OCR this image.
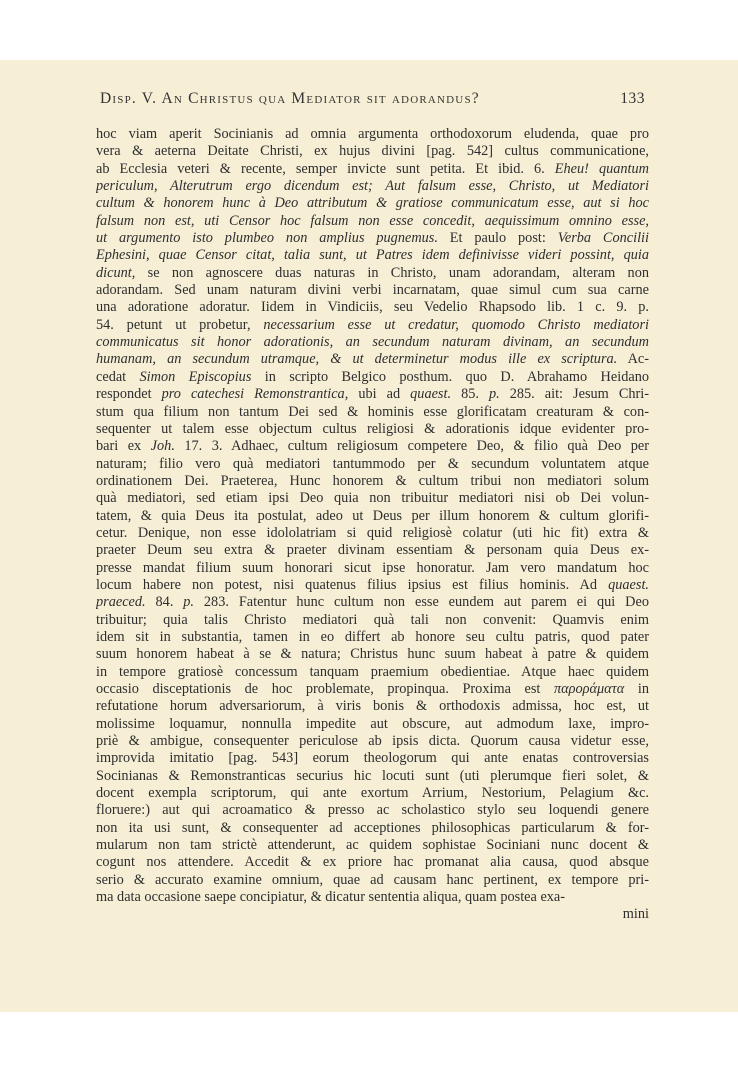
Disp. V. An Christus qua Mediator sit adorandus?	133
hoc viam aperit Socinianis ad omnia argumenta orthodoxorum eludenda, quae pro
vera & aeterna Deitate Christi, ex hujus divini [pag. 542] cultus communicatione,
ab Ecclesia veteri & recente, semper invicte sunt petita. Et ibid. 6. Eheu! quantum
periculum, Alterutrum ergo dicendum est; Aut falsum esse, Christo, ut Mediatori
cultum & honorem hunc à Deo attributum & gratiose communicatum esse, aut si hoc
falsum non est, uti Censor hoc falsum non esse concedit, aequissimum omnino esse,
ut argumento isto plumbeo non amplius pugnemus. Et paulo post: Verba Concilii
Ephesini, quae Censor citat, talia sunt, ut Patres idem definivisse videri possint, quia
dicunt, se non agnoscere duas naturas in Christo, unam adorandam, alteram non
adorandam. Sed unam naturam divini verbi incarnatam, quae simul cum sua carne
una adoratione adoratur. Iidem in Vindiciis, seu Vedelio Rhapsodo lib. 1 c. 9. p.
54. petunt ut probetur, necessarium esse ut credatur, quomodo Christo mediatori
communicatus sit honor adorationis, an secundum naturam divinam, an secundum
humanam, an secundum utramque, & ut determinetur modus ille ex scriptura. Ac-
cedat Simon Episcopius in scripto Belgico posthum. quo D. Abrahamo Heidano
respondet pro catechesi Remonstrantica, ubi ad quaest. 85. p. 285. ait: Jesum Chri-
stum qua filium non tantum Dei sed & hominis esse glorificatam creaturam & con-
sequenter ut talem esse objectum cultus religiosi & adorationis idque evidenter pro-
bari ex Joh. 17. 3. Adhaec, cultum religiosum competere Deo, & filio quà Deo per
naturam; filio vero quà mediatori tantummodo per & secundum voluntatem atque
ordinationem Dei. Praeterea, Hunc honorem & cultum tribui non mediatori solum
quà mediatori, sed etiam ipsi Deo quia non tribuitur mediatori nisi ob Dei volun-
tatem, & quia Deus ita postulat, adeo ut Deus per illum honorem & cultum glorifi-
cetur. Denique, non esse idololatriam si quid religiosè colatur (uti hic fit) extra &
praeter Deum seu extra & praeter divinam essentiam & personam quia Deus ex-
presse mandat filium suum honorari sicut ipse honoratur. Jam vero mandatum hoc
locum habere non potest, nisi quatenus filius ipsius est filius hominis. Ad quaest.
praeced. 84. p. 283. Fatentur hunc cultum non esse eundem aut parem ei qui Deo
tribuitur; quia talis Christo mediatori quà tali non convenit: Quamvis enim
idem sit in substantia, tamen in eo differt ab honore seu cultu patris, quod pater
suum honorem habeat à se & natura; Christus hunc suum habeat à patre & quidem
in tempore gratiosè concessum tanquam praemium obedientiae. Atque haec quidem
occasio disceptationis de hoc problemate, propinqua. Proxima est παροράματα in
refutatione horum adversariorum, à viris bonis & orthodoxis admissa, hoc est, ut
molissime loquamur, nonnulla impedite aut obscure, aut admodum laxe, impro-
priè & ambigue, consequenter periculose ab ipsis dicta. Quorum causa videtur esse,
improvida imitatio [pag. 543] eorum theologorum qui ante enatas controversias
Socinianas & Remonstranticas securius hic locuti sunt (uti plerumque fieri solet, &
docent exempla scriptorum, qui ante exortum Arrium, Nestorium, Pelagium &c.
floruere:) aut qui acroamatico & presso ac scholastico stylo seu loquendi genere
non ita usi sunt, & consequenter ad acceptiones philosophicas particularum & for-
mularum non tam strictè attenderunt, ac quidem sophistae Sociniani nunc docent &
cogunt nos attendere. Accedit & ex priore hac promanat alia causa, quod absque
serio & accurato examine omnium, quae ad causam hanc pertinent, ex tempore pri-
ma data occasione saepe concipiatur, & dicatur sententia aliqua, quam postea exa-
mini
